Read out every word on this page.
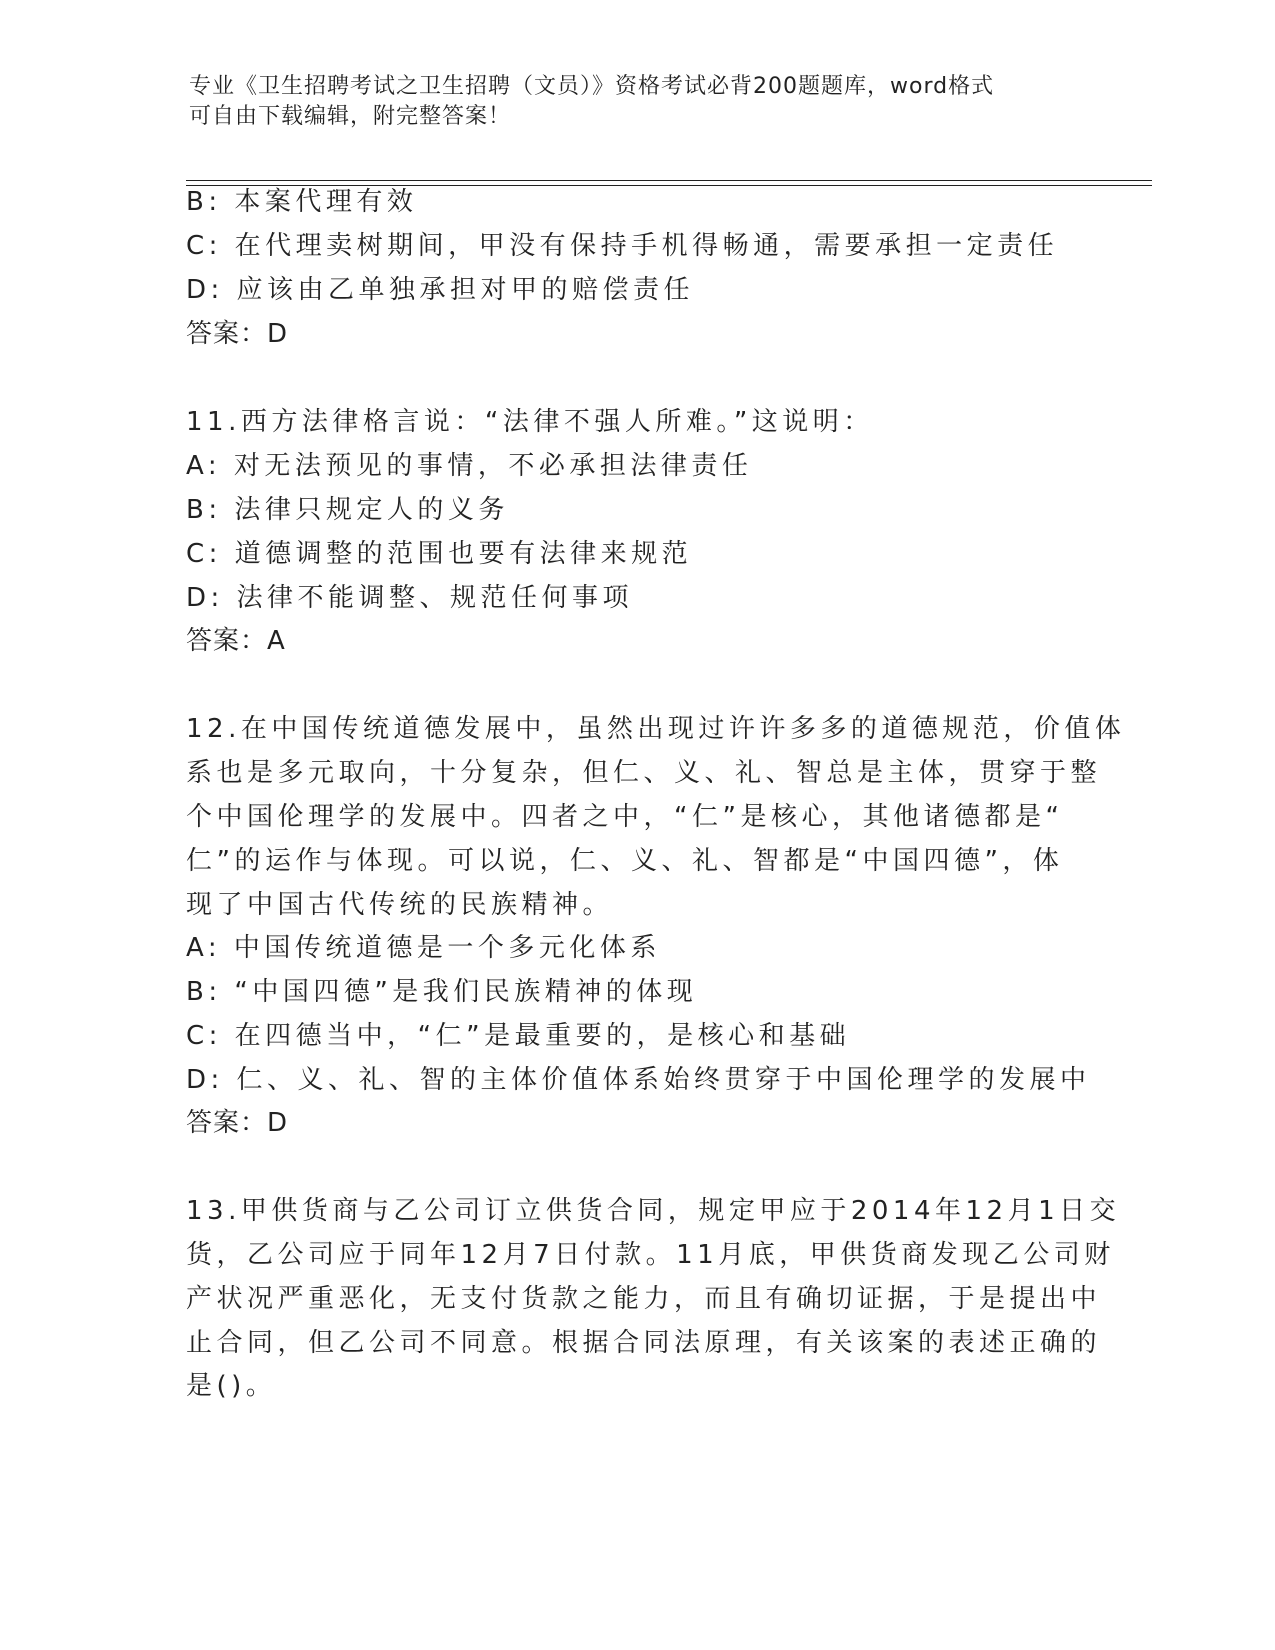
专业《卫生招聘考试之卫生招聘（文员）》资格考试必背200题题库，word格式
可自由下载编辑，附完整答案！
B: 本案代理有效
C: 在代理卖树期间，甲没有保持手机得畅通，需要承担一定责任
D: 应该由乙单独承担对甲的赔偿责任
答案：D
11.西方法律格言说：“法律不强人所难。”这说明：
A: 对无法预见的事情，不必承担法律责任
B: 法律只规定人的义务
C: 道德调整的范围也要有法律来规范
D: 法律不能调整、规范任何事项
答案：A
12.在中国传统道德发展中，虽然出现过许许多多的道德规范，价值体
系也是多元取向，十分复杂，但仁、义、礼、智总是主体，贯穿于整
个中国伦理学的发展中。四者之中，“仁”是核心，其他诸德都是“
仁”的运作与体现。可以说，仁、义、礼、智都是“中国四德”，体
现了中国古代传统的民族精神。
A: 中国传统道德是一个多元化体系
B: “中国四德”是我们民族精神的体现
C: 在四德当中，“仁”是最重要的，是核心和基础
D: 仁、义、礼、智的主体价值体系始终贯穿于中国伦理学的发展中
答案：D
13.甲供货商与乙公司订立供货合同，规定甲应于2014年12月1日交
货，乙公司应于同年12月7日付款。11月底，甲供货商发现乙公司财
产状况严重恶化，无支付货款之能力，而且有确切证据，于是提出中
止合同，但乙公司不同意。根据合同法原理，有关该案的表述正确的
是()。
